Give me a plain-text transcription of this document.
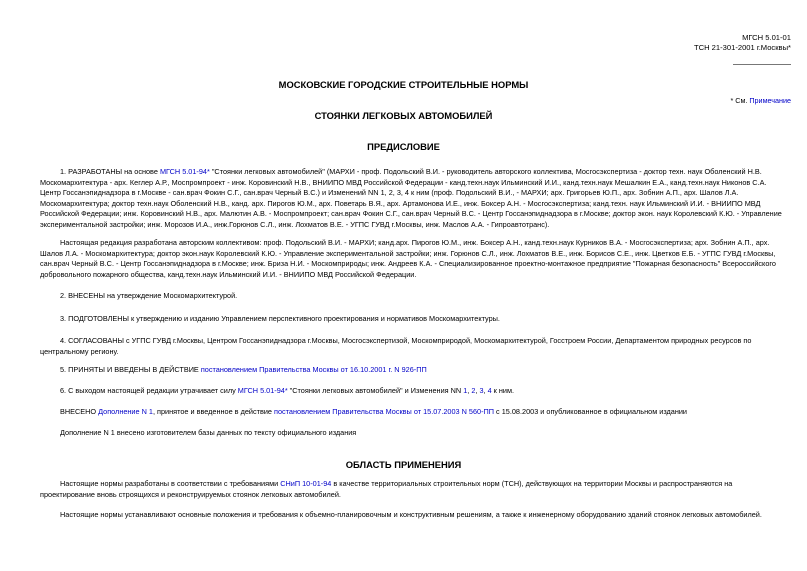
МГСН 5.01-01
ТСН 21-301-2001 г.Москвы*
* См. Примечание
МОСКОВСКИЕ ГОРОДСКИЕ СТРОИТЕЛЬНЫЕ НОРМЫ
СТОЯНКИ ЛЕГКОВЫХ АВТОМОБИЛЕЙ
ПРЕДИСЛОВИЕ
1. РАЗРАБОТАНЫ на основе МГСН 5.01-94* "Стоянки легковых автомобилей" (МАРХИ - проф. Подольский В.И. - руководитель авторского коллектива, Мосгосэкспертиза - доктор техн. наук Оболенский Н.В.
Москомархитектура - арх. Кеглер А.Р., Моспромпроект - инж. Коровинский Н.В., ВНИИПО МВД Российской Федерации - канд.техн.наук Ильминский И.И., канд.техн.наук Мешалкин Е.А., канд.техн.наук Никонов С.А.
Центр Госсанэпиднадзора в г.Москве - сан.врач Фокин С.Г., сан.врач Черный В.С.) и Изменений NN 1, 2, 3, 4 к ним (проф. Подольский В.И., - МАРХИ; арх. Григорьев Ю.П., арх. Зобнин А.П., арх. Шалов Л.А.
Москомархитектура; доктор техн.наук Оболенский Н.В., канд. арх. Пирогов Ю.М., арх. Поветарь В.Я., арх. Артамонова И.Е., инж. Боксер А.Н. - Мосгосэкспертиза; канд.техн. наук Ильминский И.И. - ВНИИПО МВД
Российской Федерации; инж. Коровинский Н.В., арх. Малютин А.В. - Моспромпроект; сан.врач Фокин С.Г., сан.врач Черный В.С. - Центр Госсанэпиднадзора в г.Москве; доктор экон. наук Королевский К.Ю. - Управление
экспериментальной застройки; инж. Морозов И.А., инж.Горюнов С.Л., инж. Лохматов В.Е. - УГПС ГУВД г.Москвы, инж. Маслов А.А. - Гипроавтотранс).
Настоящая редакция разработана авторским коллективом: проф. Подольский В.И. - МАРХИ; канд.арх. Пирогов Ю.М., инж. Боксер А.Н., канд.техн.наук Курников В.А. - Мосгосэкспертиза; арх. Зобнин А.П., арх.
Шалов Л.А. - Москомархитектура; доктор экон.наук Королевский К.Ю. - Управление экспериментальной застройки; инж. Горюнов С.Л., инж. Лохматов В.Е., инж. Борисов С.Е., инж. Цветков Е.Б. - УГПС ГУВД г.Москвы,
сан.врач Черный В.С. - Центр Госсанэпиднадзора в г.Москве; инж. Бриза Н.И. - Москомприроды; инж. Андреев К.А. - Специализированное проектно-монтажное предприятие "Пожарная безопасность" Всероссийского
добровольного пожарного общества, канд.техн.наук Ильминский И.И. - ВНИИПО МВД Российской Федерации.
2. ВНЕСЕНЫ на утверждение Москомархитектурой.
3. ПОДГОТОВЛЕНЫ к утверждению и изданию Управлением перспективного проектирования и нормативов Москомархитектуры.
4. СОГЛАСОВАНЫ с УГПС ГУВД г.Москвы, Центром Госсанэпиднадзора г.Москвы, Мосгосэкспертизой, Москомприродой, Москомархитектурой, Госстроем России, Департаментом природных ресурсов по
центральному региону.
5. ПРИНЯТЫ И ВВЕДЕНЫ В ДЕЙСТВИЕ постановлением Правительства Москвы от 16.10.2001 г. N 926-ПП
6. С выходом настоящей редакции утрачивает силу МГСН 5.01-94* "Стоянки легковых автомобилей" и Изменения NN 1, 2, 3, 4 к ним.
ВНЕСЕНО Дополнение N 1, принятое и введенное в действие постановлением Правительства Москвы от 15.07.2003 N 560-ПП с 15.08.2003 и опубликованное в официальном издании
Дополнение N 1 внесено изготовителем базы данных по тексту официального издания
ОБЛАСТЬ ПРИМЕНЕНИЯ
Настоящие нормы разработаны в соответствии с требованиями СНиП 10-01-94 в качестве территориальных строительных норм (ТСН), действующих на территории Москвы и распространяются на
проектирование вновь строящихся и реконструируемых стоянок легковых автомобилей.
Настоящие нормы устанавливают основные положения и требования к объемно-планировочным и конструктивным решениям, а также к инженерному оборудованию зданий стоянок легковых автомобилей.
